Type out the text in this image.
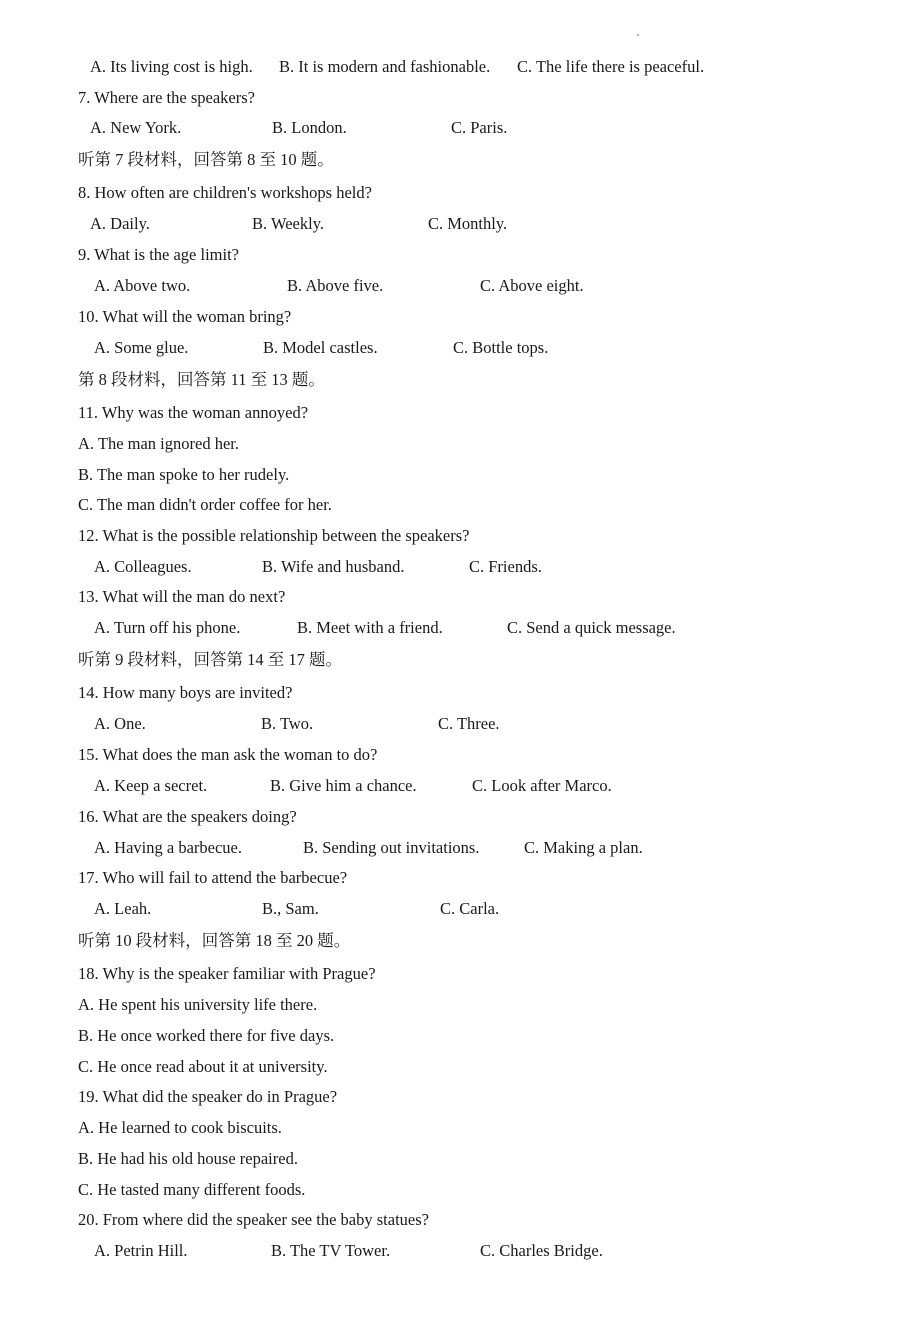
A. Its living cost is high. B. It is modern and fashionable. C. The life there is peaceful.
7. Where are the speakers?
A. New York.	B. London.	C. Paris.
听第 7 段材料，回答第 8 至 10 题。
8. How often are children's workshops held?
A. Daily.	B. Weekly.	C. Monthly.
9. What is the age limit?
A. Above two.	B. Above five.	C. Above eight.
10. What will the woman bring?
A. Some glue.	B. Model castles.	C. Bottle tops.
第 8 段材料，回答第 11 至 13 题。
11. Why was the woman annoyed?
A. The man ignored her.
B. The man spoke to her rudely.
C. The man didn't order coffee for her.
12. What is the possible relationship between the speakers?
A. Colleagues.	B. Wife and husband.	C. Friends.
13. What will the man do next?
A. Turn off his phone.	B. Meet with a friend.	C. Send a quick message.
听第 9 段材料，回答第 14 至 17 题。
14. How many boys are invited?
A. One.	B. Two.	C. Three.
15. What does the man ask the woman to do?
A. Keep a secret.	B. Give him a chance.	C. Look after Marco.
16. What are the speakers doing?
A. Having a barbecue.	B. Sending out invitations.	C. Making a plan.
17. Who will fail to attend the barbecue?
A. Leah.	B., Sam.	C. Carla.
听第 10 段材料，回答第 18 至 20 题。
18. Why is the speaker familiar with Prague?
A. He spent his university life there.
B. He once worked there for five days.
C. He once read about it at university.
19. What did the speaker do in Prague?
A. He learned to cook biscuits.
B. He had his old house repaired.
C. He tasted many different foods.
20. From where did the speaker see the baby statues?
A. Petrin Hill.	B. The TV Tower.	C. Charles Bridge.
